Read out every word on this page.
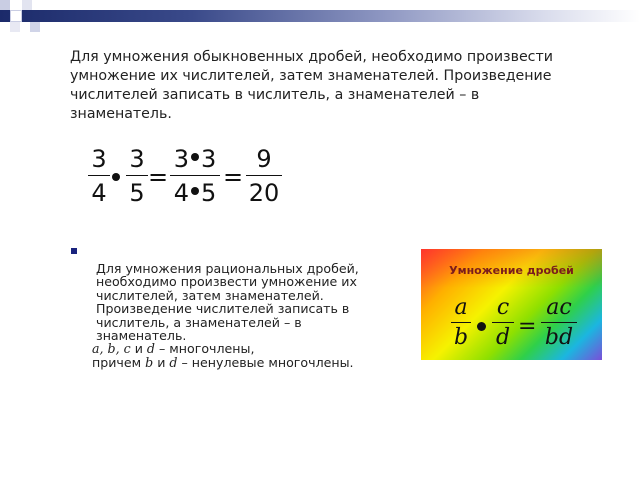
Для умножения обыкновенных дробей, необходимо произвести умножение их числителей, затем знаменателей. Произведение числителей записать в числитель, а знаменателей – в знаменатель.
3
4
3
5
=
3 3
4 5
=
9
20
Для умножения рациональных дробей, необходимо произвести умножение их числителей, затем знаменателей. Произведение числителей записать в числитель, а знаменателей – в знаменатель.
a, b, c и d – многочлены,
причем b и d – ненулевые многочлены.
Умножение дробей
a
b
c
d =
ac
bd
